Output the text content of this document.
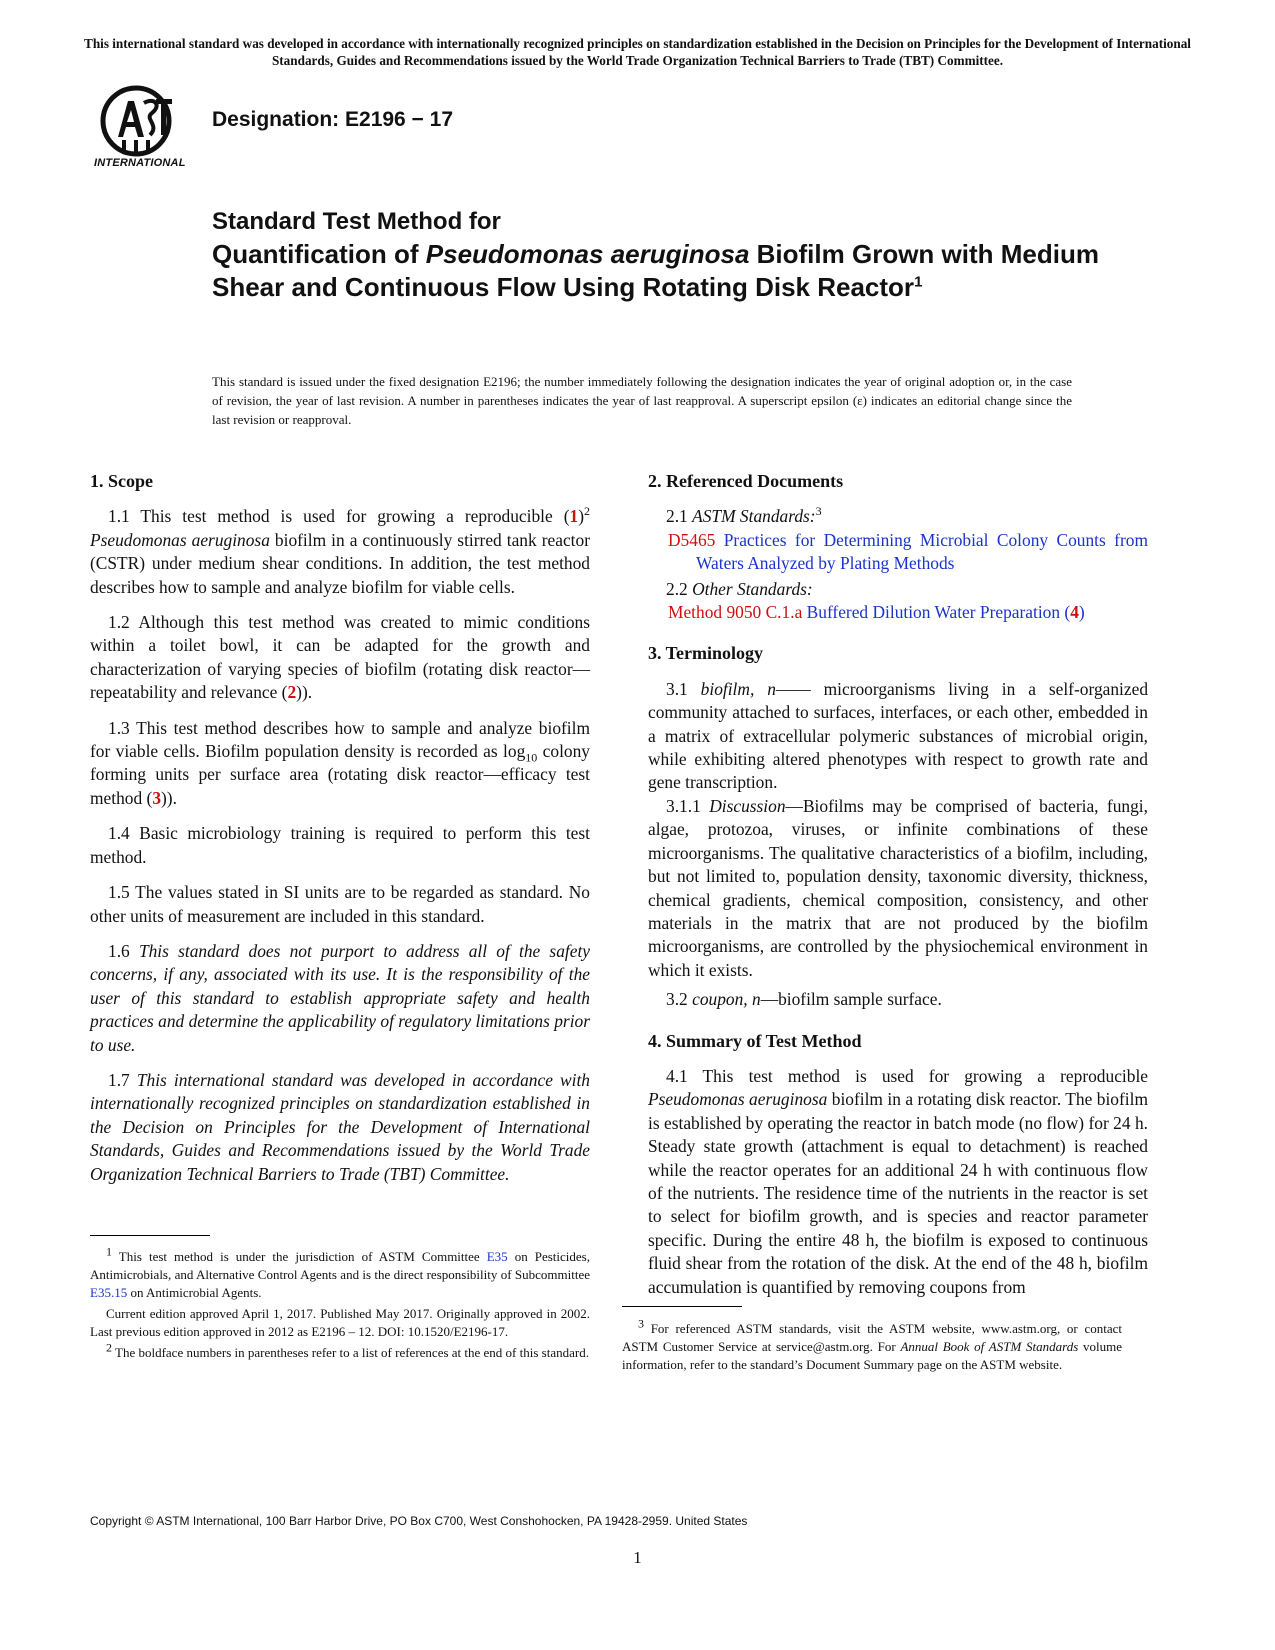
This international standard was developed in accordance with internationally recognized principles on standardization established in the Decision on Principles for the Development of International Standards, Guides and Recommendations issued by the World Trade Organization Technical Barriers to Trade (TBT) Committee.
INTERNATIONAL
Designation: E2196 − 17
Standard Test Method for
Quantification of Pseudomonas aeruginosa Biofilm Grown with Medium Shear and Continuous Flow Using Rotating Disk Reactor$^1$
This standard is issued under the fixed designation E2196; the number immediately following the designation indicates the year of original adoption or, in the case of revision, the year of last revision. A number in parentheses indicates the year of last reapproval. A superscript epsilon (ε) indicates an editorial change since the last revision or reapproval.
1. Scope

1.1 This test method is used for growing a reproducible $(1)^2$ Pseudomonas aeruginosa biofilm in a continuously stirred tank reactor (CSTR) under medium shear conditions. In addition, the test method describes how to sample and analyze biofilm for viable cells.

1.2 Although this test method was created to mimic conditions within a toilet bowl, it can be adapted for the growth and characterization of varying species of biofilm (rotating disk reactor—repeatability and relevance (2)).

1.3 This test method describes how to sample and analyze biofilm for viable cells. Biofilm population density is recorded as $\log_{10}$ colony forming units per surface area (rotating disk reactor—efficacy test method (3)).

1.4 Basic microbiology training is required to perform this test method.

1.5 The values stated in SI units are to be regarded as standard. No other units of measurement are included in this standard.

1.6 This standard does not purport to address all of the safety concerns, if any, associated with its use. It is the responsibility of the user of this standard to establish appropriate safety and health practices and determine the applicability of regulatory limitations prior to use.

1.7 This international standard was developed in accordance with internationally recognized principles on standardization established in the Decision on Principles for the Development of International Standards, Guides and Recommendations issued by the World Trade Organization Technical Barriers to Trade (TBT) Committee.

$^1$ This test method is under the jurisdiction of ASTM Committee E35 on Pesticides, Antimicrobials, and Alternative Control Agents and is the direct responsibility of Subcommittee E35.15 on Antimicrobial Agents.

Current edition approved April 1, 2017. Published May 2017. Originally approved in 2002. Last previous edition approved in 2012 as E2196 – 12. DOI: 10.1520/E2196-17.

$^2$ The boldface numbers in parentheses refer to a list of references at the end of this standard.

2. Referenced Documents

2.1 ASTM Standards:$^3$

D5465 Practices for Determining Microbial Colony Counts from Waters Analyzed by Plating Methods

2.2 Other Standards:

Method 9050 C.1.a Buffered Dilution Water Preparation (4)

3. Terminology

3.1 biofilm, n—— microorganisms living in a self-organized community attached to surfaces, interfaces, or each other, embedded in a matrix of extracellular polymeric substances of microbial origin, while exhibiting altered phenotypes with respect to growth rate and gene transcription.

3.1.1 Discussion—Biofilms may be comprised of bacteria, fungi, algae, protozoa, viruses, or infinite combinations of these microorganisms. The qualitative characteristics of a biofilm, including, but not limited to, population density, taxonomic diversity, thickness, chemical gradients, chemical composition, consistency, and other materials in the matrix that are not produced by the biofilm microorganisms, are controlled by the physiochemical environment in which it exists.

3.2 coupon, n—biofilm sample surface.

4. Summary of Test Method

4.1 This test method is used for growing a reproducible Pseudomonas aeruginosa biofilm in a rotating disk reactor. The biofilm is established by operating the reactor in batch mode (no flow) for 24 h. Steady state growth (attachment is equal to detachment) is reached while the reactor operates for an additional 24 h with continuous flow of the nutrients. The residence time of the nutrients in the reactor is set to select for biofilm growth, and is species and reactor parameter specific. During the entire 48 h, the biofilm is exposed to continuous fluid shear from the rotation of the disk. At the end of the 48 h, biofilm accumulation is quantified by removing coupons from

$^3$ For referenced ASTM standards, visit the ASTM website, www.astm.org, or contact ASTM Customer Service at service@astm.org. For Annual Book of ASTM Standards volume information, refer to the standard’s Document Summary page on the ASTM website.

Copyright © ASTM International, 100 Barr Harbor Drive, PO Box C700, West Conshohocken, PA 19428-2959. United States
1
